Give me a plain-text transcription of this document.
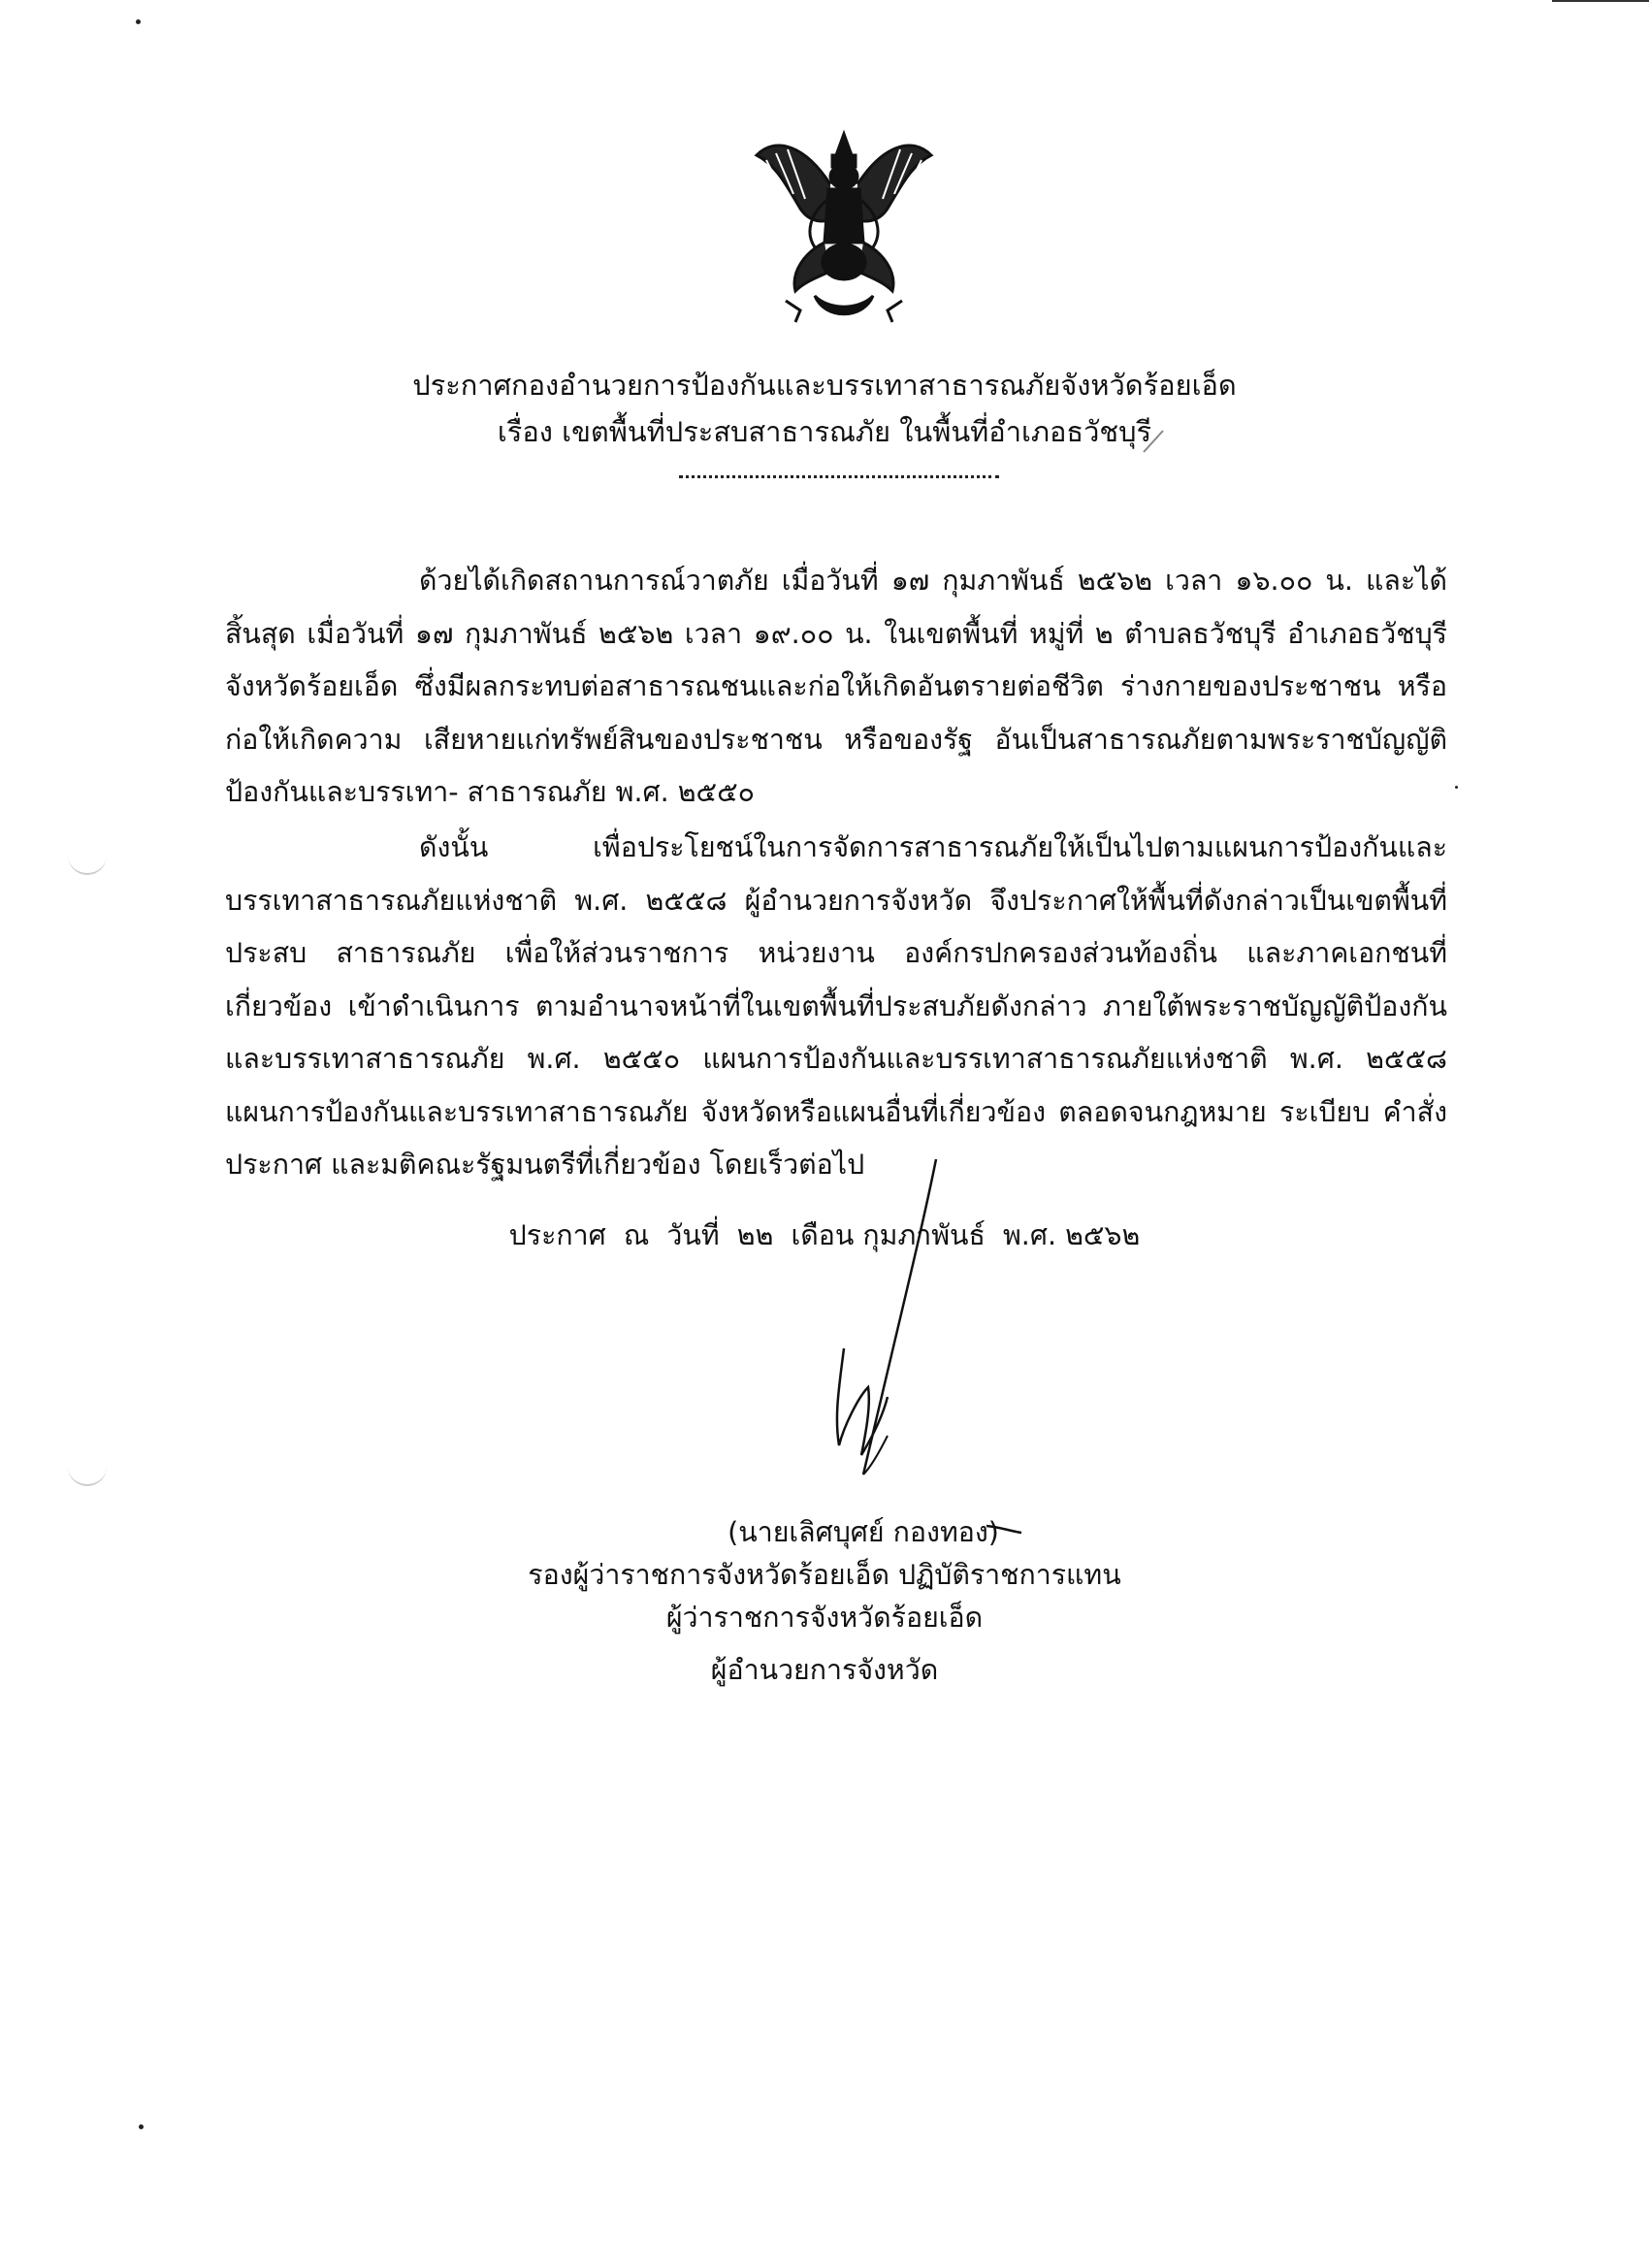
ประกาศกองอำนวยการป้องกันและบรรเทาสาธารณภัยจังหวัดร้อยเอ็ด
เรื่อง เขตพื้นที่ประสบสาธารณภัย ในพื้นที่อำเภอธวัชบุรี
ด้วยได้เกิดสถานการณ์วาตภัย เมื่อวันที่ ๑๗ กุมภาพันธ์ ๒๕๖๒ เวลา ๑๖.๐๐ น. และได้สิ้นสุด เมื่อวันที่ ๑๗ กุมภาพันธ์ ๒๕๖๒ เวลา ๑๙.๐๐ น. ในเขตพื้นที่ หมู่ที่ ๒ ตำบลธวัชบุรี อำเภอธวัชบุรี จังหวัดร้อยเอ็ด ซึ่งมีผลกระทบต่อสาธารณชนและก่อให้เกิดอันตรายต่อชีวิต ร่างกายของประชาชน หรือก่อให้เกิดความ เสียหายแก่ทรัพย์สินของประชาชน หรือของรัฐ อันเป็นสาธารณภัยตามพระราชบัญญัติป้องกันและบรรเทา- สาธารณภัย พ.ศ. ๒๕๕๐
ดังนั้น เพื่อประโยชน์ในการจัดการสาธารณภัยให้เป็นไปตามแผนการป้องกันและ บรรเทาสาธารณภัยแห่งชาติ พ.ศ. ๒๕๕๘ ผู้อำนวยการจังหวัด จึงประกาศให้พื้นที่ดังกล่าวเป็นเขตพื้นที่ประสบ สาธารณภัย เพื่อให้ส่วนราชการ หน่วยงาน องค์กรปกครองส่วนท้องถิ่น และภาคเอกชนที่เกี่ยวข้อง เข้าดำเนินการ ตามอำนาจหน้าที่ในเขตพื้นที่ประสบภัยดังกล่าว ภายใต้พระราชบัญญัติป้องกันและบรรเทาสาธารณภัย พ.ศ. ๒๕๕๐ แผนการป้องกันและบรรเทาสาธารณภัยแห่งชาติ พ.ศ. ๒๕๕๘ แผนการป้องกันและบรรเทาสาธารณภัย จังหวัดหรือแผนอื่นที่เกี่ยวข้อง ตลอดจนกฎหมาย ระเบียบ คำสั่ง ประกาศ และมติคณะรัฐมนตรีที่เกี่ยวข้อง โดยเร็วต่อไป
ประกาศ  ณ  วันที่  ๒๒  เดือน กุมภาพันธ์  พ.ศ. ๒๕๖๒
(นายเลิศบุศย์ กองทอง)
รองผู้ว่าราชการจังหวัดร้อยเอ็ด ปฏิบัติราชการแทน
ผู้ว่าราชการจังหวัดร้อยเอ็ด
ผู้อำนวยการจังหวัด
